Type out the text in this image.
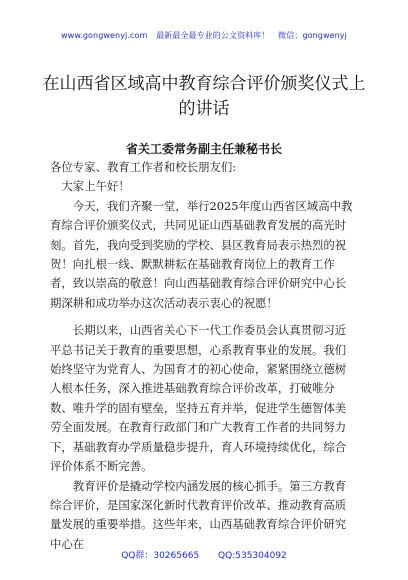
www.gongwenyj.com 最新最全最专业的公文资料库！ 微信：gongwenyj
在山西省区域高中教育综合评价颁奖仪式上的讲话
省关工委常务副主任兼秘书长

各位专家、教育工作者和校长朋友们:

大家上午好！

今天，我们齐聚一堂，举行2025年度山西省区域高中教育综合评价颁奖仪式，共同见证山西基础教育发展的高光时刻。首先，我向受到奖励的学校、县区教育局表示热烈的祝贺！向扎根一线、默默耕耘在基础教育岗位上的教育工作者，致以崇高的敬意！向山西基础教育综合评价研究中心长期深耕和成功举办这次活动表示衷心的祝愿！

长期以来，山西省关心下一代工作委员会认真贯彻习近平总书记关于教育的重要思想，心系教育事业的发展。我们始终坚守为党育人、为国育才的初心使命，紧紧围绕立德树人根本任务，深入推进基础教育综合评价改革，打破唯分数、唯升学的固有壁垒，坚持五育并举，促进学生德智体美劳全面发展。在教育行政部门和广大教育工作者的共同努力下，基础教育办学质量稳步提升，育人环境持续优化，综合评价体系不断完善。

教育评价是撬动学校内涵发展的核心抓手。第三方教育综合评价，是国家深化新时代教育评价改革、推动教育高质量发展的重要举措。这些年来，山西基础教育综合评价研究中心在

QQ群：30265665 QQ:535304092
